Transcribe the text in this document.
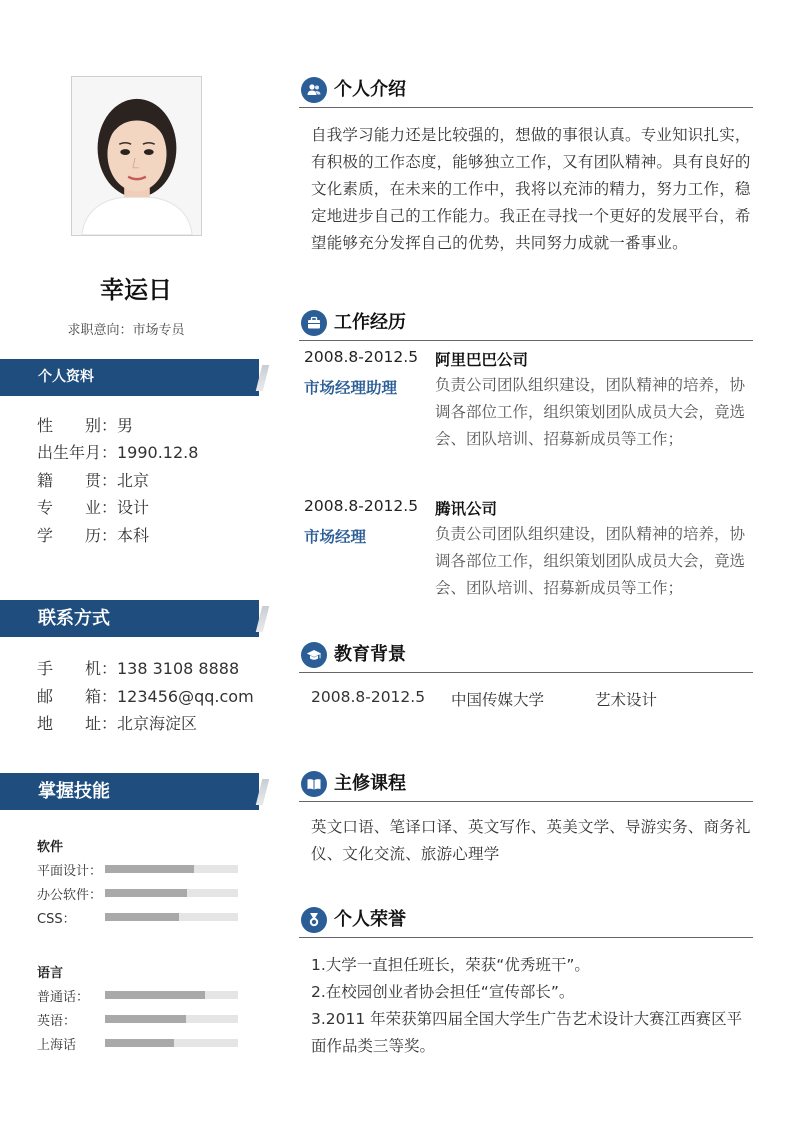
幸运日
求职意向：市场专员
个人资料
性　　别：男
出生年月：1990.12.8
籍　　贯：北京
专　　业：设计
学　　历：本科
联系方式
手　　机：138 3108 8888
邮　　箱：123456@qq.com
地　　址：北京海淀区
掌握技能
软件
平面设计：
办公软件：
CSS：
语言
普通话：
英语：
上海话
个人介绍
自我学习能力还是比较强的，想做的事很认真。专业知识扎实，
有积极的工作态度，能够独立工作，又有团队精神。具有良好的
文化素质，在未来的工作中，我将以充沛的精力，努力工作，稳
定地进步自己的工作能力。我正在寻找一个更好的发展平台，希
望能够充分发挥自己的优势，共同努力成就一番事业。
工作经历
2008.8-2012.5 阿里巴巴公司
市场经理助理 负责公司团队组织建设，团队精神的培养，协
调各部位工作，组织策划团队成员大会，竟选
会、团队培训、招募新成员等工作；
2008.8-2012.5 腾讯公司
市场经理	负责公司团队组织建设，团队精神的培养，协
调各部位工作，组织策划团队成员大会，竟选
会、团队培训、招募新成员等工作；
教育背景
2008.8-2012.5 中国传媒大学	艺术设计
主修课程
英文口语、笔译口译、英文写作、英美文学、导游实务、商务礼
仪、文化交流、旅游心理学
个人荣誉
1.大学一直担任班长，荣获“优秀班干”。
2.在校园创业者协会担任“宣传部长”。
3.2011 年荣获第四届全国大学生广告艺术设计大赛江西赛区平
面作品类三等奖。
